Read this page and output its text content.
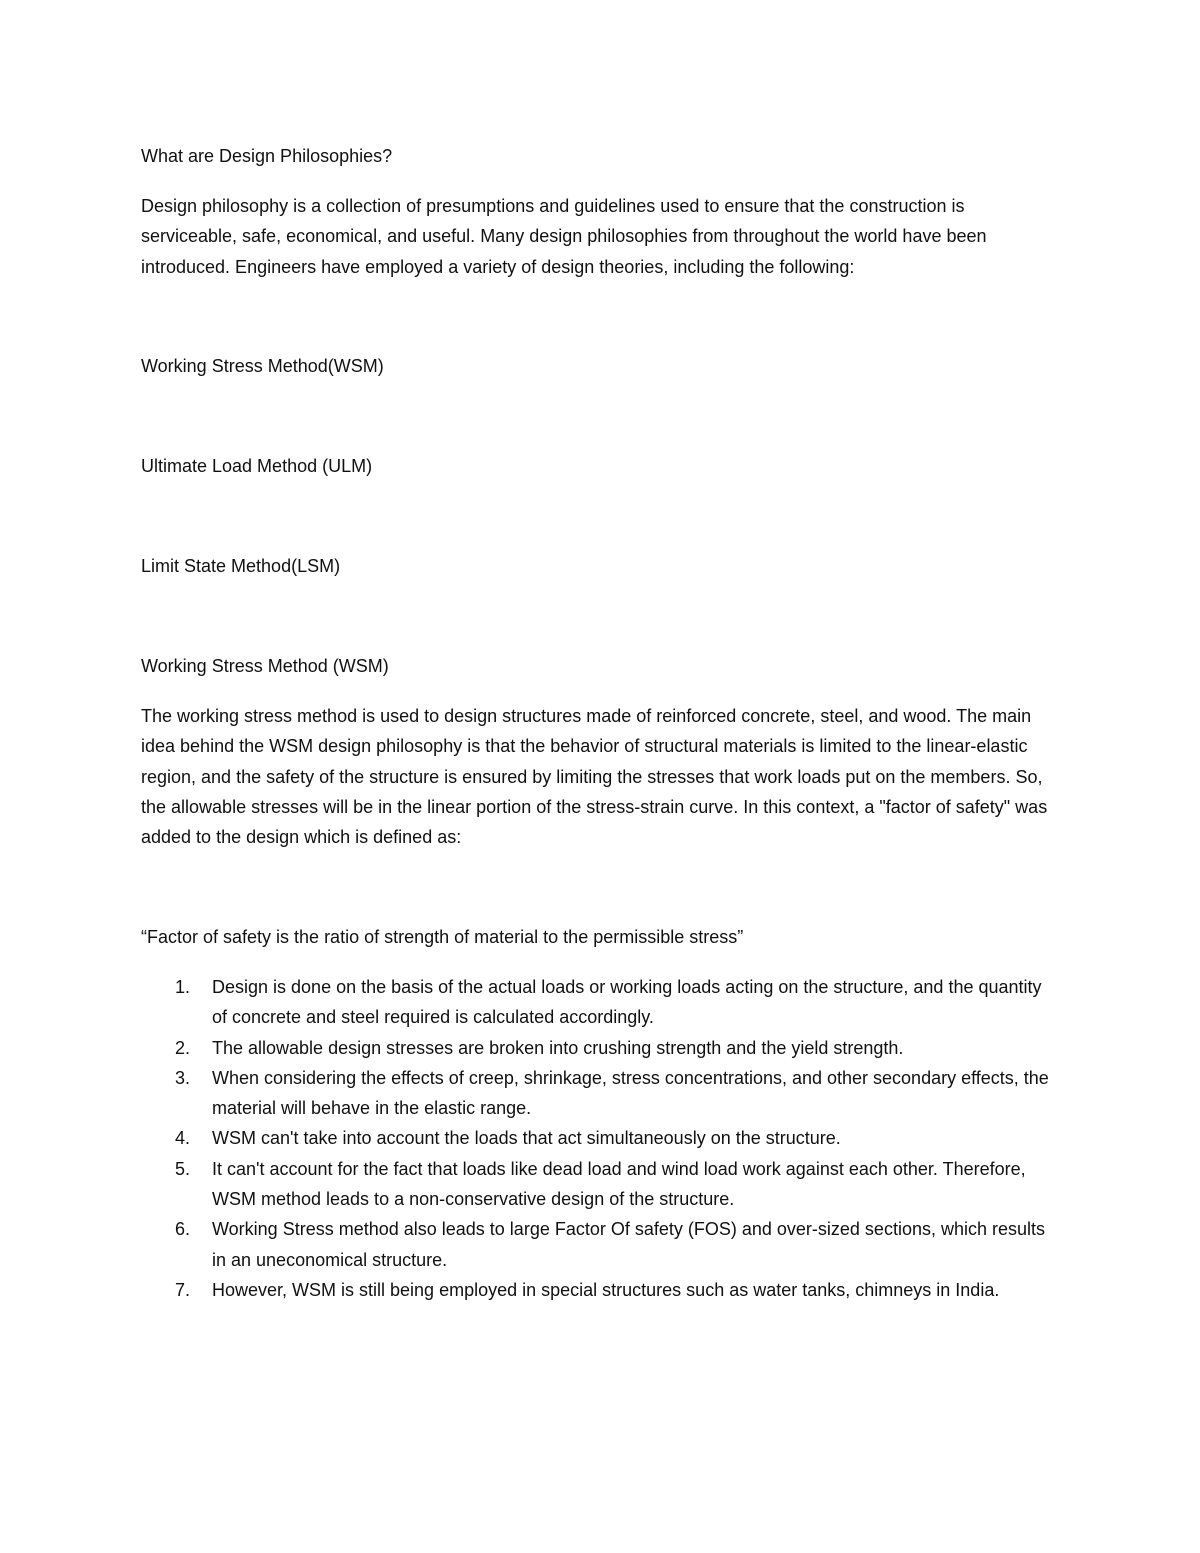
What are Design Philosophies?

Design philosophy is a collection of presumptions and guidelines used to ensure that the construction is serviceable, safe, economical, and useful. Many design philosophies from throughout the world have been introduced. Engineers have employed a variety of design theories, including the following:

Working Stress Method(WSM)

Ultimate Load Method (ULM)

Limit State Method(LSM)

Working Stress Method (WSM)

The working stress method is used to design structures made of reinforced concrete, steel, and wood. The main idea behind the WSM design philosophy is that the behavior of structural materials is limited to the linear-elastic region, and the safety of the structure is ensured by limiting the stresses that work loads put on the members. So, the allowable stresses will be in the linear portion of the stress-strain curve. In this context, a "factor of safety" was added to the design which is defined as:

“Factor of safety is the ratio of strength of material to the permissible stress”

1. Design is done on the basis of the actual loads or working loads acting on the structure, and the quantity of concrete and steel required is calculated accordingly.
2. The allowable design stresses are broken into crushing strength and the yield strength.
3. When considering the effects of creep, shrinkage, stress concentrations, and other secondary effects, the material will behave in the elastic range.
4. WSM can't take into account the loads that act simultaneously on the structure.
5. It can't account for the fact that loads like dead load and wind load work against each other. Therefore, WSM method leads to a non-conservative design of the structure.
6. Working Stress method also leads to large Factor Of safety (FOS) and over-sized sections, which results in an uneconomical structure.
7. However, WSM is still being employed in special structures such as water tanks, chimneys in India.
